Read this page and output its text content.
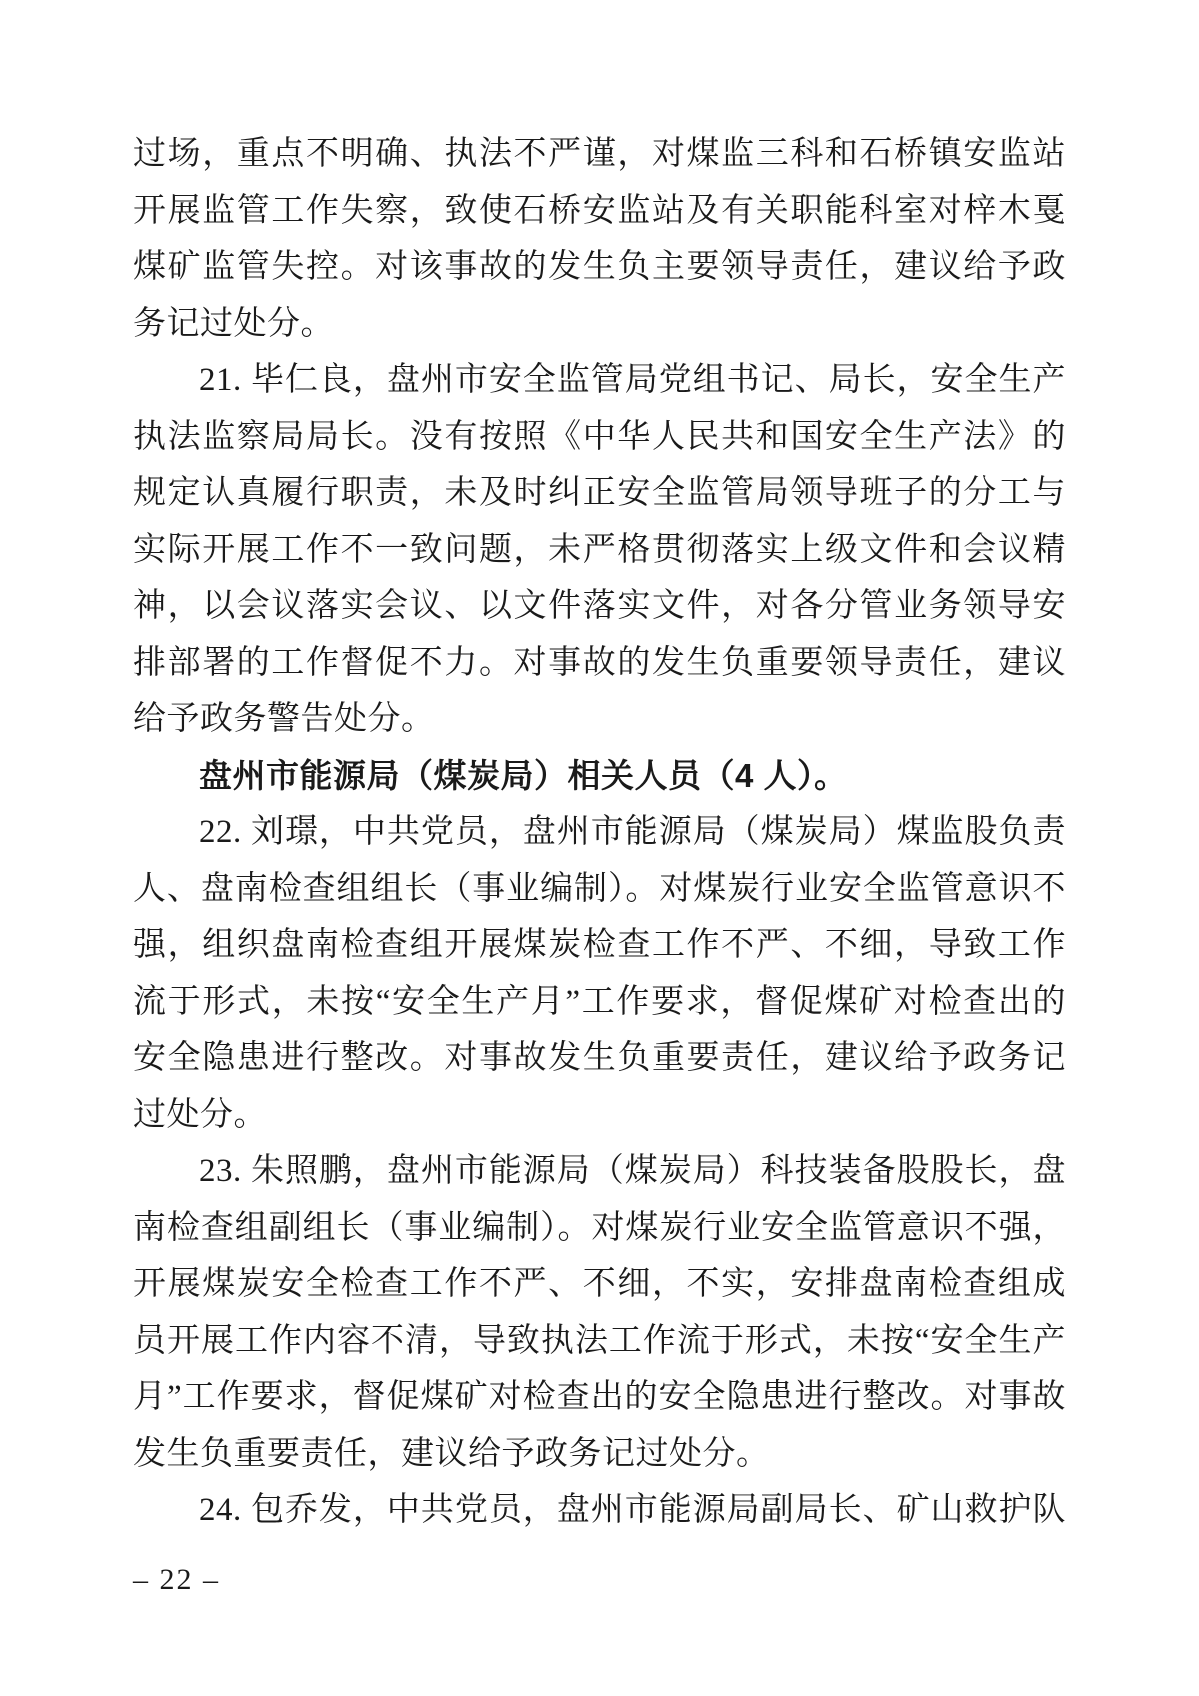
过场，重点不明确、执法不严谨，对煤监三科和石桥镇安监站开展监管工作失察，致使石桥安监站及有关职能科室对梓木戛煤矿监管失控。对该事故的发生负主要领导责任，建议给予政务记过处分。

21. 毕仁良，盘州市安全监管局党组书记、局长，安全生产执法监察局局长。没有按照《中华人民共和国安全生产法》的规定认真履行职责，未及时纠正安全监管局领导班子的分工与实际开展工作不一致问题，未严格贯彻落实上级文件和会议精神，以会议落实会议、以文件落实文件，对各分管业务领导安排部署的工作督促不力。对事故的发生负重要领导责任，建议给予政务警告处分。

盘州市能源局（煤炭局）相关人员（4 人）。

22. 刘璟，中共党员，盘州市能源局（煤炭局）煤监股负责人、盘南检查组组长（事业编制）。对煤炭行业安全监管意识不强，组织盘南检查组开展煤炭检查工作不严、不细，导致工作流于形式，未按“安全生产月”工作要求，督促煤矿对检查出的安全隐患进行整改。对事故发生负重要责任，建议给予政务记过处分。

23. 朱照鹏，盘州市能源局（煤炭局）科技装备股股长，盘南检查组副组长（事业编制）。对煤炭行业安全监管意识不强，开展煤炭安全检查工作不严、不细，不实，安排盘南检查组成员开展工作内容不清，导致执法工作流于形式，未按“安全生产月”工作要求，督促煤矿对检查出的安全隐患进行整改。对事故发生负重要责任，建议给予政务记过处分。

24. 包乔发，中共党员，盘州市能源局副局长、矿山救护队

– 22 –
